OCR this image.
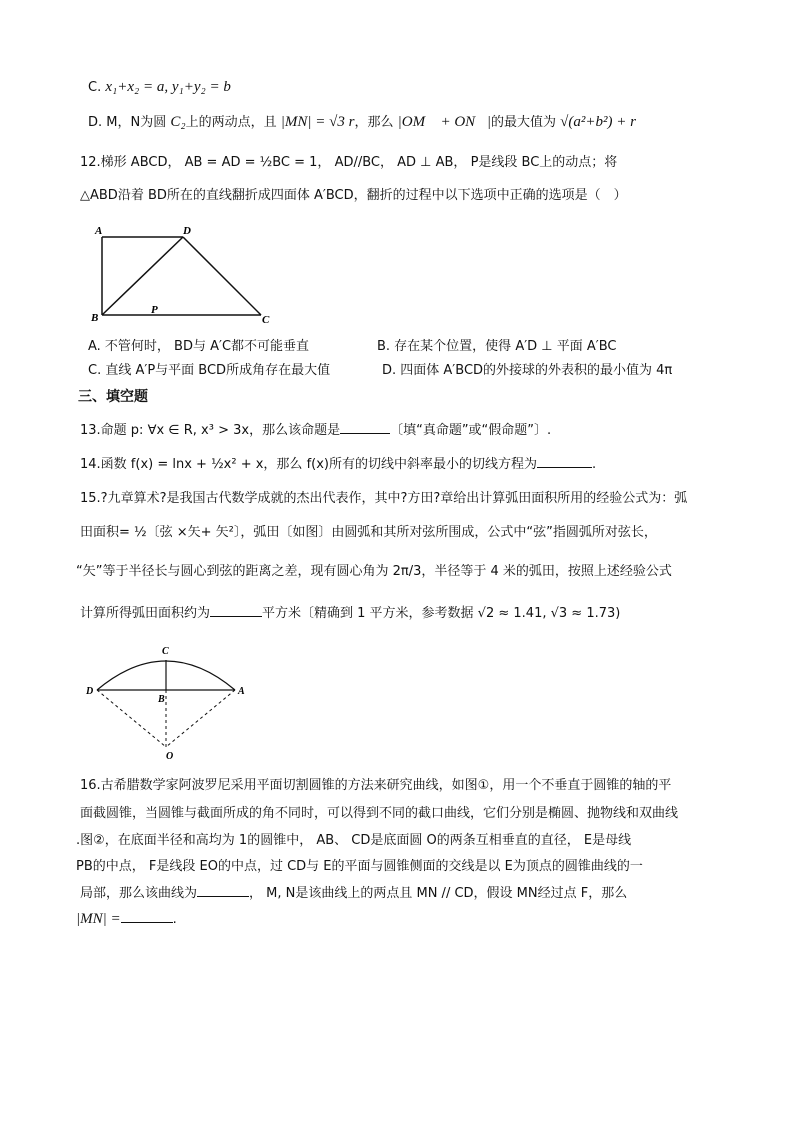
C. x₁+x₂ = a, y₁+y₂ = b
D. M，N为圆 C₂上的两动点，且 |MN| = √3 r，那么 |OM⃗ + ON⃗|的最大值为 √(a²+b²) + r
12.梯形 ABCD， AB = AD = ½BC = 1， AD//BC， AD ⊥ AB， P是线段 BC上的动点；将
△ABD沿着 BD所在的直线翻折成四面体 A′BCD，翻折的过程中以下选项中正确的选项是（　）
A	D
B	C
P
A. 不管何时， BD与 A′C都不可能垂直	B. 存在某个位置，使得 A′D ⊥ 平面 A′BC
C. 直线 A′P与平面 BCD所成角存在最大值	D. 四面体 A′BCD的外接球的外表积的最小值为 4π
三、填空题
13.命题 p: ∀x ∈ R, x³ > 3x，那么该命题是	〔填“真命题”或“假命题”〕.
14.函数 f(x) = lnx + ½x² + x，那么 f(x)所有的切线中斜率最小的切线方程为	.
15.?九章算术?是我国古代数学成就的杰出代表作，其中?方田?章给出计算弧田面积所用的经验公式为：弧
田面积= ½〔弦 ×矢+ 矢²〕，弧田〔如图〕由圆弧和其所对弦所围成，公式中“弦”指圆弧所对弦长，
“矢”等于半径长与圆心到弦的距离之差，现有圆心角为 2π/3，半径等于 4 米的弧田，按照上述经验公式
计算所得弧田面积约为	平方米〔精确到 1 平方米，参考数据 √2 ≈ 1.41, √3 ≈ 1.73)
C
D
B
A
O
16.古希腊数学家阿波罗尼采用平面切割圆锥的方法来研究曲线，如图①，用一个不垂直于圆锥的轴的平
面截圆锥，当圆锥与截面所成的角不同时，可以得到不同的截口曲线，它们分别是椭圆、抛物线和双曲线
.图②，在底面半径和高均为 1的圆锥中， AB、 CD是底面圆 O的两条互相垂直的直径， E是母线
PB的中点， F是线段 EO的中点，过 CD与 E的平面与圆锥侧面的交线是以 E为顶点的圆锥曲线的一
局部，那么该曲线为	， M, N是该曲线上的两点且 MN // CD，假设 MN经过点 F，那么
|MN| =	.
